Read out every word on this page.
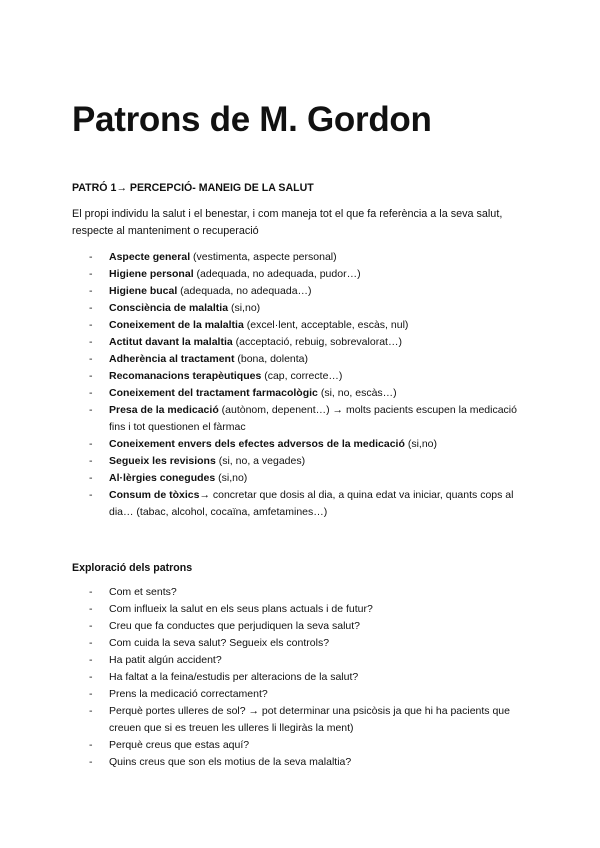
Patrons de M. Gordon

PATRÓ 1→ PERCEPCIÓ- MANEIG DE LA SALUT

El propi individu la salut i el benestar, i com maneja tot el que fa referència a la seva salut, respecte al manteniment o recuperació

- Aspecte general (vestimenta, aspecte personal)
- Higiene personal (adequada, no adequada, pudor…)
- Higiene bucal (adequada, no adequada…)
- Consciència de malaltia (si,no)
- Coneixement de la malaltia (excel·lent, acceptable, escàs, nul)
- Actitut davant la malaltia (acceptació, rebuig, sobrevalorat…)
- Adherència al tractament (bona, dolenta)
- Recomanacions terapèutiques (cap, correcte…)
- Coneixement del tractament farmacològic (si, no, escàs…)
- Presa de la medicació (autònom, depenent…) → molts pacients escupen la medicació fins i tot questionen el fàrmac
- Coneixement envers dels efectes adversos de la medicació (si,no)
- Segueix les revisions (si, no, a vegades)
- Al·lèrgies conegudes (si,no)
- Consum de tòxics→ concretar que dosis al dia, a quina edat va iniciar, quants cops al dia… (tabac, alcohol, cocaïna, amfetamines…)

Exploració dels patrons

- Com et sents?
- Com influeix la salut en els seus plans actuals i de futur?
- Creu que fa conductes que perjudiquen la seva salut?
- Com cuida la seva salut? Segueix els controls?
- Ha patit algún accident?
- Ha faltat a la feina/estudis per alteracions de la salut?
- Prens la medicació correctament?
- Perquè portes ulleres de sol? → pot determinar una psicòsis ja que hi ha pacients que creuen que si es treuen les ulleres li llegiràs la ment)
- Perquè creus que estas aquí?
- Quins creus que son els motius de la seva malaltia?
